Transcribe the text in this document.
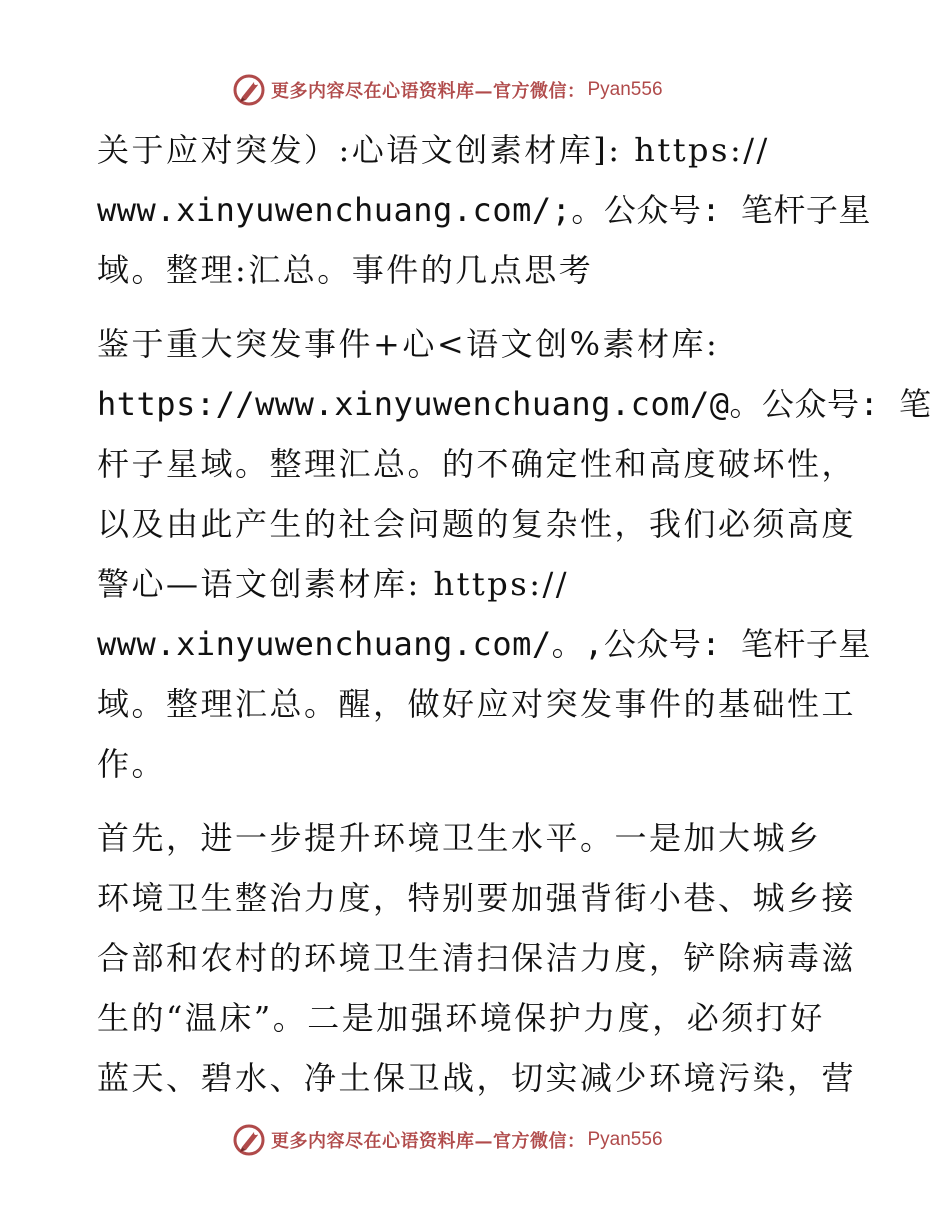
更多内容尽在心语资料库—官方微信： Pyan556
关于应对突发）:心语文创素材库]: https://
www.xinyuwenchuang.com/;。公众号: 笔杆子星
域。整理:汇总。事件的几点思考
鉴于重大突发事件+心<语文创%素材库:
https://www.xinyuwenchuang.com/@。公众号: 笔
杆子星域。整理汇总。的不确定性和高度破坏性，
以及由此产生的社会问题的复杂性，我们必须高度
警心—语文创素材库: https://
www.xinyuwenchuang.com/。,公众号: 笔杆子星
域。整理汇总。醒，做好应对突发事件的基础性工
作。
首先，进一步提升环境卫生水平。一是加大城乡
环境卫生整治力度，特别要加强背街小巷、城乡接
合部和农村的环境卫生清扫保洁力度，铲除病毒滋
生的“温床”。二是加强环境保护力度，必须打好
蓝天、碧水、净土保卫战，切实减少环境污染，营
更多内容尽在心语资料库—官方微信： Pyan556
